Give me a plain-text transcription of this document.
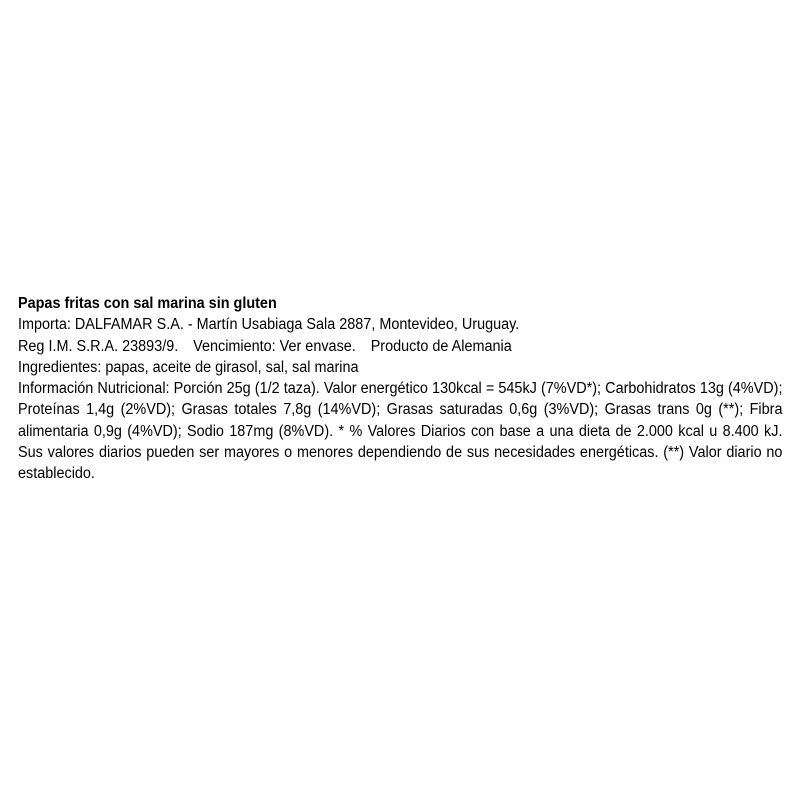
Papas fritas con sal marina sin gluten
Importa: DALFAMAR S.A. - Martín Usabiaga Sala 2887, Montevideo, Uruguay.
Reg I.M. S.R.A. 23893/9. Vencimiento: Ver envase. Producto de Alemania
Ingredientes: papas, aceite de girasol, sal, sal marina
Información Nutricional: Porción 25g (1/2 taza). Valor energético 130kcal = 545kJ (7%VD*); Carbohidratos 13g (4%VD); Proteínas 1,4g (2%VD); Grasas totales 7,8g (14%VD); Grasas saturadas 0,6g (3%VD); Grasas trans 0g (**); Fibra alimentaria 0,9g (4%VD); Sodio 187mg (8%VD). * % Valores Diarios con base a una dieta de 2.000 kcal u 8.400 kJ. Sus valores diarios pueden ser mayores o menores dependiendo de sus necesidades energéticas. (**) Valor diario no establecido.
